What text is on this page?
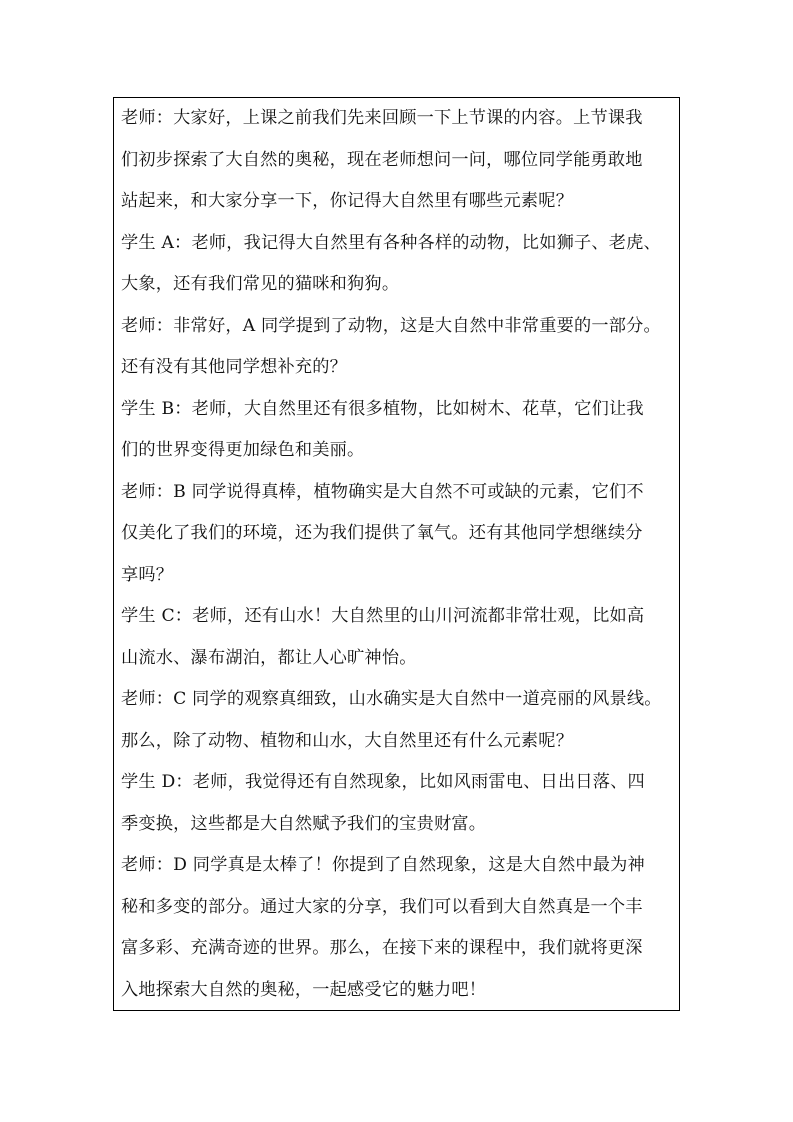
老师：大家好，上课之前我们先来回顾一下上节课的内容。上节课我
们初步探索了大自然的奥秘，现在老师想问一问，哪位同学能勇敢地
站起来，和大家分享一下，你记得大自然里有哪些元素呢？

学生 A：老师，我记得大自然里有各种各样的动物，比如狮子、老虎、
大象，还有我们常见的猫咪和狗狗。

老师：非常好，A 同学提到了动物，这是大自然中非常重要的一部分。
还有没有其他同学想补充的？

学生 B：老师，大自然里还有很多植物，比如树木、花草，它们让我
们的世界变得更加绿色和美丽。

老师：B 同学说得真棒，植物确实是大自然不可或缺的元素，它们不
仅美化了我们的环境，还为我们提供了氧气。还有其他同学想继续分
享吗？

学生 C：老师，还有山水！大自然里的山川河流都非常壮观，比如高
山流水、瀑布湖泊，都让人心旷神怡。

老师：C 同学的观察真细致，山水确实是大自然中一道亮丽的风景线。
那么，除了动物、植物和山水，大自然里还有什么元素呢？

学生 D：老师，我觉得还有自然现象，比如风雨雷电、日出日落、四
季变换，这些都是大自然赋予我们的宝贵财富。

老师：D 同学真是太棒了！你提到了自然现象，这是大自然中最为神
秘和多变的部分。通过大家的分享，我们可以看到大自然真是一个丰
富多彩、充满奇迹的世界。那么，在接下来的课程中，我们就将更深
入地探索大自然的奥秘，一起感受它的魅力吧！
